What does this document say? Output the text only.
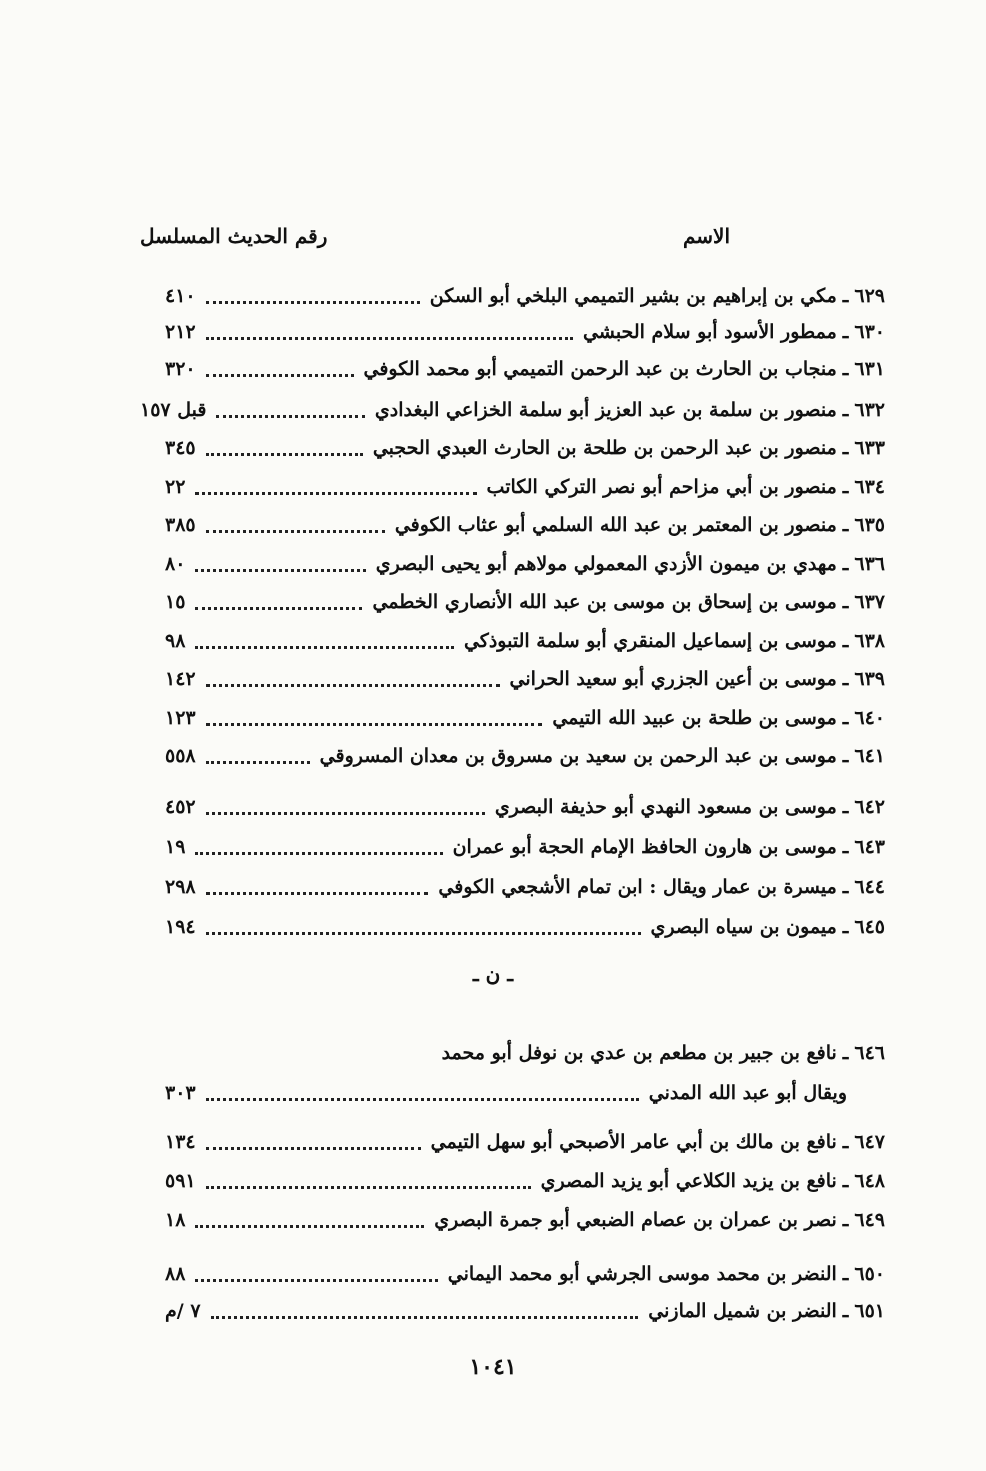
الاسم
رقم الحديث المسلسل
٦٢٩
ـ
مكي بن إبراهيم بن بشير التميمي البلخي أبو السكن
٤١٠
٦٣٠
ـ
ممطور الأسود أبو سلام الحبشي
٢١٢
٦٣١
ـ
منجاب بن الحارث بن عبد الرحمن التميمي أبو محمد الكوفي
٣٢٠
٦٣٢
ـ
منصور بن سلمة بن عبد العزيز أبو سلمة الخزاعي البغدادي
قبل ١٥٧
٦٣٣
ـ
منصور بن عبد الرحمن بن طلحة بن الحارث العبدي الحجبي
٣٤٥
٦٣٤
ـ
منصور بن أبي مزاحم أبو نصر التركي الكاتب
٢٢
٦٣٥
ـ
منصور بن المعتمر بن عبد الله السلمي أبو عثاب الكوفي
٣٨٥
٦٣٦
ـ
مهدي بن ميمون الأزدي المعمولي مولاهم أبو يحيى البصري
٨٠
٦٣٧
ـ
موسى بن إسحاق بن موسى بن عبد الله الأنصاري الخطمي
١٥
٦٣٨
ـ
موسى بن إسماعيل المنقري أبو سلمة التبوذكي
٩٨
٦٣٩
ـ
موسى بن أعين الجزري أبو سعيد الحراني
١٤٢
٦٤٠
ـ
موسى بن طلحة بن عبيد الله التيمي
١٢٣
٦٤١
ـ
موسى بن عبد الرحمن بن سعيد بن مسروق بن معدان المسروقي
٥٥٨
٦٤٢
ـ
موسى بن مسعود النهدي أبو حذيفة البصري
٤٥٢
٦٤٣
ـ
موسى بن هارون الحافظ الإمام الحجة أبو عمران
١٩
٦٤٤
ـ
ميسرة بن عمار ويقال : ابن تمام الأشجعي الكوفي
٢٩٨
٦٤٥
ـ
ميمون بن سياه البصري
١٩٤
٦٤٦
ـ
نافع بن جبير بن مطعم بن عدي بن نوفل أبو محمد
ويقال أبو عبد الله المدني
٣٠٣
٦٤٧
ـ
نافع بن مالك بن أبي عامر الأصبحي أبو سهل التيمي
١٣٤
٦٤٨
ـ
نافع بن يزيد الكلاعي أبو يزيد المصري
٥٩١
٦٤٩
ـ
نصر بن عمران بن عصام الضبعي أبو جمرة البصري
١٨
٦٥٠
ـ
النضر بن محمد موسى الجرشي أبو محمد اليماني
٨٨
٦٥١
ـ
النضر بن شميل المازني
٧ /م
ـ ن ـ
١٠٤١
